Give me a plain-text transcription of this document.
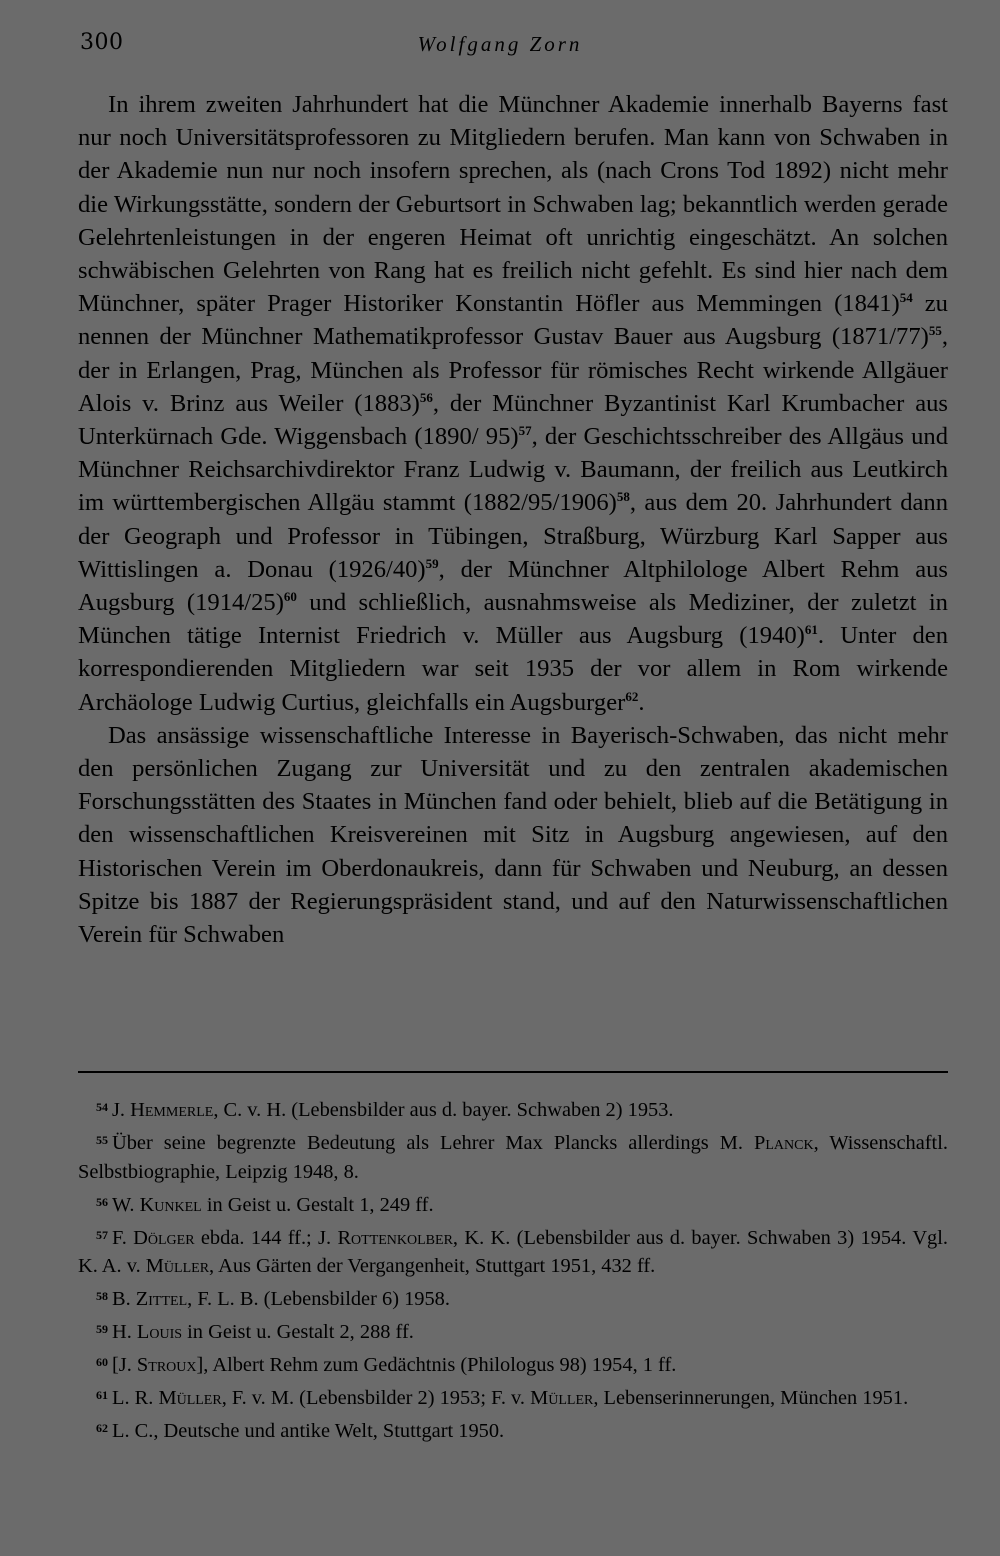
300	Wolfgang Zorn

In ihrem zweiten Jahrhundert hat die Münchner Akademie innerhalb Bayerns fast nur noch Universitätsprofessoren zu Mitgliedern berufen. Man kann von Schwaben in der Akademie nun nur noch insofern sprechen, als (nach Crons Tod 1892) nicht mehr die Wirkungsstätte, sondern der Geburtsort in Schwaben lag; bekanntlich werden gerade Gelehrtenleistungen in der engeren Heimat oft unrichtig eingeschätzt. An solchen schwäbischen Gelehrten von Rang hat es freilich nicht gefehlt. Es sind hier nach dem Münchner, später Prager Historiker Konstantin Höfler aus Memmingen (1841)$^{54}$ zu nennen der Münchner Mathematikprofessor Gustav Bauer aus Augsburg (1871/77)$^{55}$, der in Erlangen, Prag, München als Professor für römisches Recht wirkende Allgäuer Alois v. Brinz aus Weiler (1883)$^{56}$, der Münchner Byzantinist Karl Krumbacher aus Unterkürnach Gde. Wiggensbach (1890/ 95)$^{57}$, der Geschichtsschreiber des Allgäus und Münchner Reichsarchivdirektor Franz Ludwig v. Baumann, der freilich aus Leutkirch im württembergischen Allgäu stammt (1882/95/1906)$^{58}$, aus dem 20. Jahrhundert dann der Geograph und Professor in Tübingen, Straßburg, Würzburg Karl Sapper aus Wittislingen a. Donau (1926/40)$^{59}$, der Münchner Altphilologe Albert Rehm aus Augsburg (1914/25)$^{60}$ und schließlich, ausnahmsweise als Mediziner, der zuletzt in München tätige Internist Friedrich v. Müller aus Augsburg (1940)$^{61}$. Unter den korrespondierenden Mitgliedern war seit 1935 der vor allem in Rom wirkende Archäologe Ludwig Curtius, gleichfalls ein Augsburger$^{62}$.

Das ansässige wissenschaftliche Interesse in Bayerisch-Schwaben, das nicht mehr den persönlichen Zugang zur Universität und zu den zentralen akademischen Forschungsstätten des Staates in München fand oder behielt, blieb auf die Betätigung in den wissenschaftlichen Kreisvereinen mit Sitz in Augsburg angewiesen, auf den Historischen Verein im Oberdonaukreis, dann für Schwaben und Neuburg, an dessen Spitze bis 1887 der Regierungspräsident stand, und auf den Naturwissenschaftlichen Verein für Schwaben

$^{54}$ J. Hemmerle, C. v. H. (Lebensbilder aus d. bayer. Schwaben 2) 1953.
$^{55}$ Über seine begrenzte Bedeutung als Lehrer Max Plancks allerdings M. Planck, Wissenschaftl. Selbstbiographie, Leipzig 1948, 8.
$^{56}$ W. Kunkel in Geist u. Gestalt 1, 249 ff.
$^{57}$ F. Dölger ebda. 144 ff.; J. Rottenkolber, K. K. (Lebensbilder aus d. bayer. Schwaben 3) 1954. Vgl. K. A. v. Müller, Aus Gärten der Vergangenheit, Stuttgart 1951, 432 ff.
$^{58}$ B. Zittel, F. L. B. (Lebensbilder 6) 1958.
$^{59}$ H. Louis in Geist u. Gestalt 2, 288 ff.
$^{60}$ [J. Stroux], Albert Rehm zum Gedächtnis (Philologus 98) 1954, 1 ff.
$^{61}$ L. R. Müller, F. v. M. (Lebensbilder 2) 1953; F. v. Müller, Lebenserinnerungen, München 1951.
$^{62}$ L. C., Deutsche und antike Welt, Stuttgart 1950.
